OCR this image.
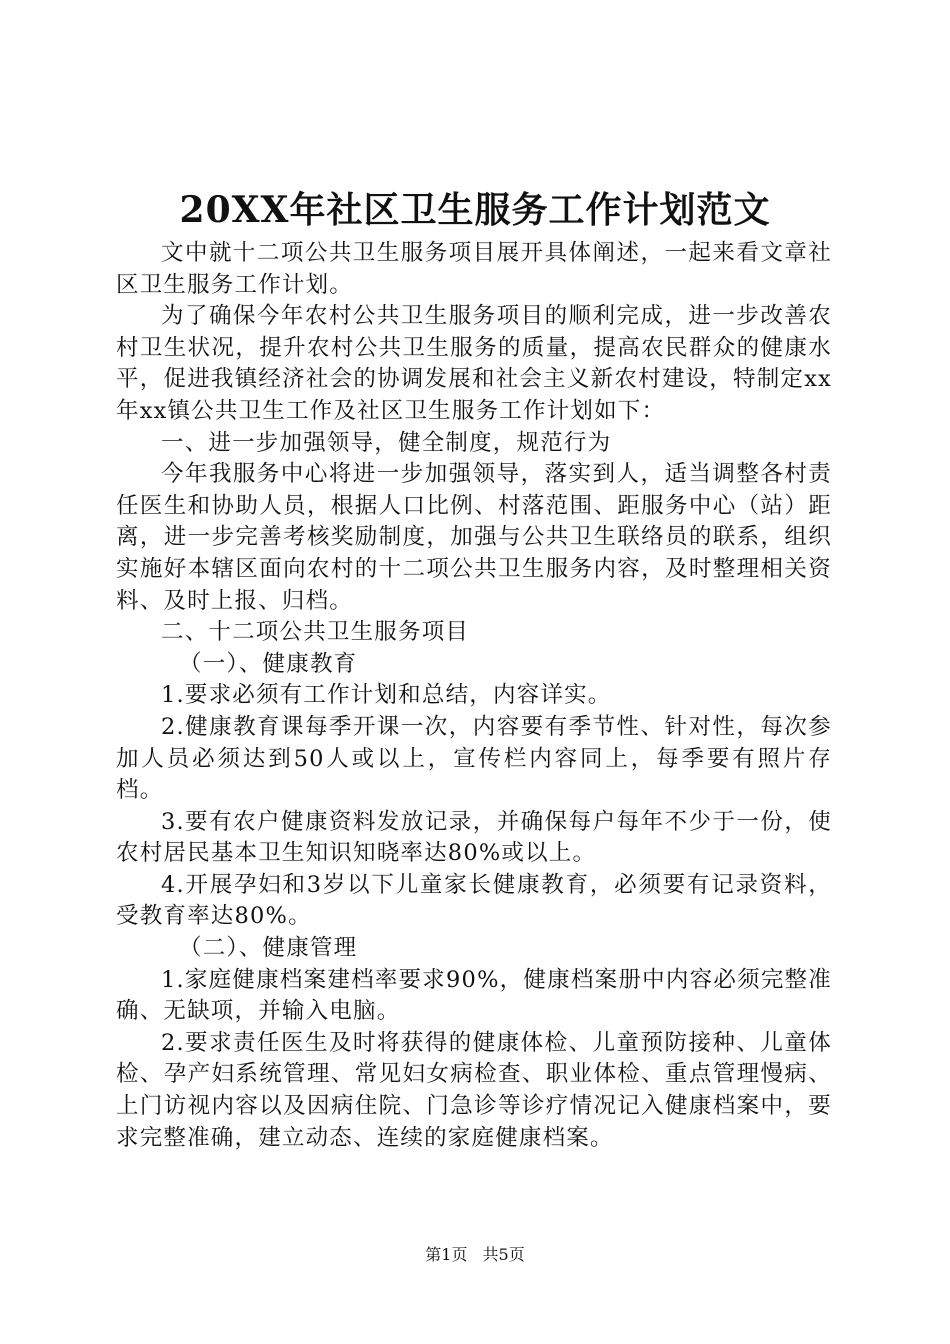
20XX年社区卫生服务工作计划范文

文中就十二项公共卫生服务项目展开具体阐述，一起来看文章社区卫生服务工作计划。

为了确保今年农村公共卫生服务项目的顺利完成，进一步改善农村卫生状况，提升农村公共卫生服务的质量，提高农民群众的健康水平，促进我镇经济社会的协调发展和社会主义新农村建设，特制定xx年xx镇公共卫生工作及社区卫生服务工作计划如下：

一、进一步加强领导，健全制度，规范行为

今年我服务中心将进一步加强领导，落实到人，适当调整各村责任医生和协助人员，根据人口比例、村落范围、距服务中心（站）距离，进一步完善考核奖励制度，加强与公共卫生联络员的联系，组织实施好本辖区面向农村的十二项公共卫生服务内容，及时整理相关资料、及时上报、归档。

二、十二项公共卫生服务项目

（一）、健康教育

1.要求必须有工作计划和总结，内容详实。

2.健康教育课每季开课一次，内容要有季节性、针对性，每次参加人员必须达到50人或以上，宣传栏内容同上，每季要有照片存档。

3.要有农户健康资料发放记录，并确保每户每年不少于一份，使农村居民基本卫生知识知晓率达80%或以上。

4.开展孕妇和3岁以下儿童家长健康教育，必须要有记录资料，受教育率达80%。

（二）、健康管理

1.家庭健康档案建档率要求90%，健康档案册中内容必须完整准确、无缺项，并输入电脑。

2.要求责任医生及时将获得的健康体检、儿童预防接种、儿童体检、孕产妇系统管理、常见妇女病检查、职业体检、重点管理慢病、上门访视内容以及因病住院、门急诊等诊疗情况记入健康档案中，要求完整准确，建立动态、连续的家庭健康档案。

第1页 共5页
